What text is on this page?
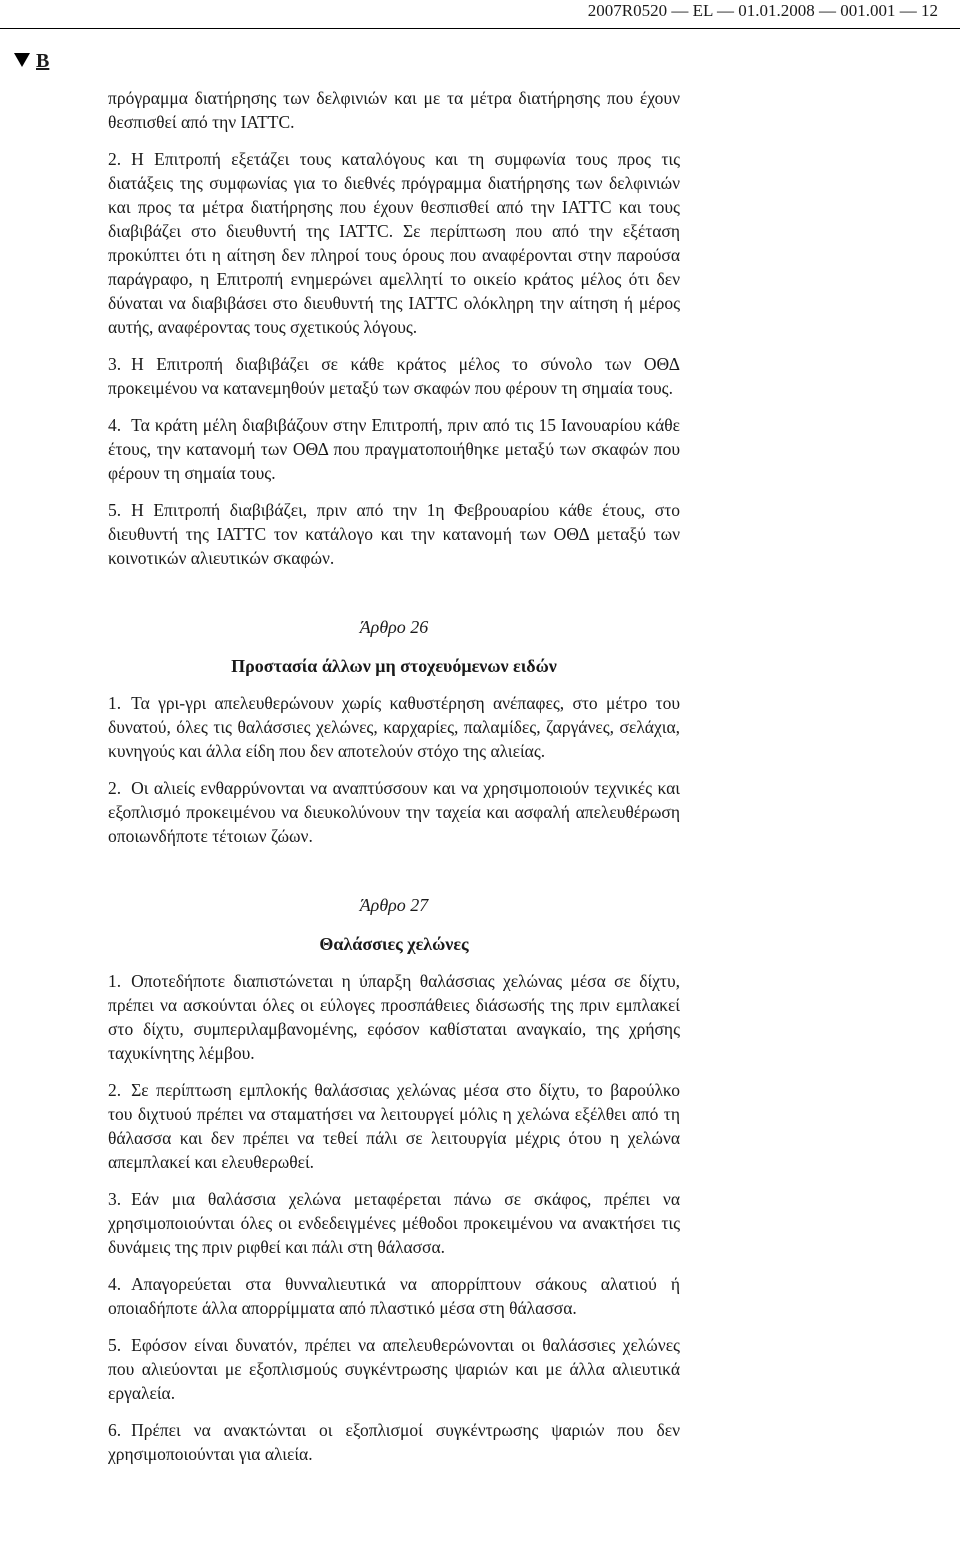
2007R0520 — EL — 01.01.2008 — 001.001 — 12
B

πρόγραμμα διατήρησης των δελφινιών και με τα μέτρα διατήρησης που έχουν θεσπισθεί από την IATTC.

2. Η Επιτροπή εξετάζει τους καταλόγους και τη συμφωνία τους προς τις διατάξεις της συμφωνίας για το διεθνές πρόγραμμα διατήρησης των δελφινιών και προς τα μέτρα διατήρησης που έχουν θεσπισθεί από την IATTC και τους διαβιβάζει στο διευθυντή της IATTC. Σε περίπτωση που από την εξέταση προκύπτει ότι η αίτηση δεν πληροί τους όρους που αναφέρονται στην παρούσα παράγραφο, η Επιτροπή ενημερώνει αμελλητί το οικείο κράτος μέλος ότι δεν δύναται να διαβιβάσει στο διευθυντή της IATTC ολόκληρη την αίτηση ή μέρος αυτής, αναφέροντας τους σχετικούς λόγους.

3. Η Επιτροπή διαβιβάζει σε κάθε κράτος μέλος το σύνολο των ΟΘΔ προκειμένου να κατανεμηθούν μεταξύ των σκαφών που φέρουν τη σημαία τους.

4. Τα κράτη μέλη διαβιβάζουν στην Επιτροπή, πριν από τις 15 Ιανουαρίου κάθε έτους, την κατανομή των ΟΘΔ που πραγματοποιήθηκε μεταξύ των σκαφών που φέρουν τη σημαία τους.

5. Η Επιτροπή διαβιβάζει, πριν από την 1η Φεβρουαρίου κάθε έτους, στο διευθυντή της IATTC τον κατάλογο και την κατανομή των ΟΘΔ μεταξύ των κοινοτικών αλιευτικών σκαφών.

Άρθρο 26
Προστασία άλλων μη στοχευόμενων ειδών

1. Τα γρι-γρι απελευθερώνουν χωρίς καθυστέρηση ανέπαφες, στο μέτρο του δυνατού, όλες τις θαλάσσιες χελώνες, καρχαρίες, παλαμίδες, ζαργάνες, σελάχια, κυνηγούς και άλλα είδη που δεν αποτελούν στόχο της αλιείας.

2. Οι αλιείς ενθαρρύνονται να αναπτύσσουν και να χρησιμοποιούν τεχνικές και εξοπλισμό προκειμένου να διευκολύνουν την ταχεία και ασφαλή απελευθέρωση οποιωνδήποτε τέτοιων ζώων.

Άρθρο 27
Θαλάσσιες χελώνες

1. Οποτεδήποτε διαπιστώνεται η ύπαρξη θαλάσσιας χελώνας μέσα σε δίχτυ, πρέπει να ασκούνται όλες οι εύλογες προσπάθειες διάσωσής της πριν εμπλακεί στο δίχτυ, συμπεριλαμβανομένης, εφόσον καθίσταται αναγκαίο, της χρήσης ταχυκίνητης λέμβου.

2. Σε περίπτωση εμπλοκής θαλάσσιας χελώνας μέσα στο δίχτυ, το βαρούλκο του διχτυού πρέπει να σταματήσει να λειτουργεί μόλις η χελώνα εξέλθει από τη θάλασσα και δεν πρέπει να τεθεί πάλι σε λειτουργία μέχρις ότου η χελώνα απεμπλακεί και ελευθερωθεί.

3. Εάν μια θαλάσσια χελώνα μεταφέρεται πάνω σε σκάφος, πρέπει να χρησιμοποιούνται όλες οι ενδεδειγμένες μέθοδοι προκειμένου να ανακτήσει τις δυνάμεις της πριν ριφθεί και πάλι στη θάλασσα.

4. Απαγορεύεται στα θυνναλιευτικά να απορρίπτουν σάκους αλατιού ή οποιαδήποτε άλλα απορρίμματα από πλαστικό μέσα στη θάλασσα.

5. Εφόσον είναι δυνατόν, πρέπει να απελευθερώνονται οι θαλάσσιες χελώνες που αλιεύονται με εξοπλισμούς συγκέντρωσης ψαριών και με άλλα αλιευτικά εργαλεία.

6. Πρέπει να ανακτώνται οι εξοπλισμοί συγκέντρωσης ψαριών που δεν χρησιμοποιούνται για αλιεία.
